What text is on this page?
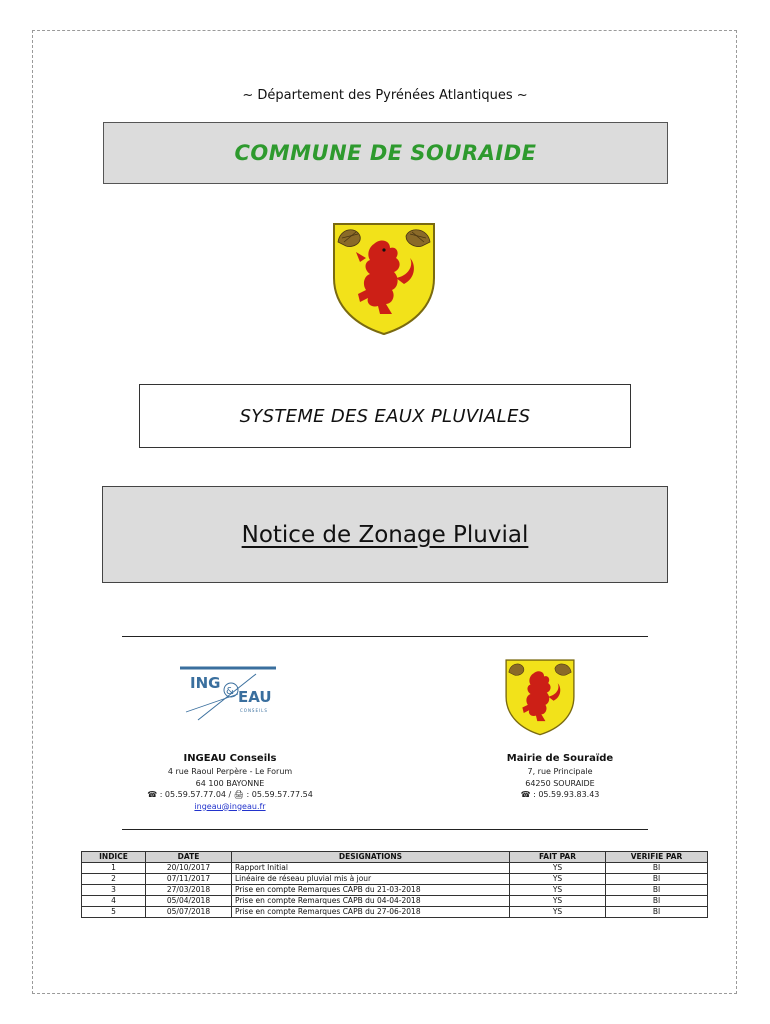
~ Département des Pyrénées Atlantiques ~
COMMUNE DE SOURAIDE
SYSTEME DES EAUX PLUVIALES
Notice de Zonage Pluvial
ING & EAU
CONSEILS
INGEAU Conseils
4 rue Raoul Perpère - Le Forum
64 100 BAYONNE
☎ : 05.59.57.77.04 / 🖨 : 05.59.57.77.54
ingeau@ingeau.fr
Mairie de Souraïde
7, rue Principale
64250 SOURAIDE
☎ : 05.59.93.83.43
INDICE	DATE	DESIGNATIONS	FAIT PAR	VERIFIE PAR
1	20/10/2017	Rapport Initial	YS	BI
2	07/11/2017	Linéaire de réseau pluvial mis à jour	YS	BI
3	27/03/2018	Prise en compte Remarques CAPB du 21-03-2018	YS	BI
4	05/04/2018	Prise en compte Remarques CAPB du 04-04-2018	YS	BI
5	05/07/2018	Prise en compte Remarques CAPB du 27-06-2018	YS	BI
